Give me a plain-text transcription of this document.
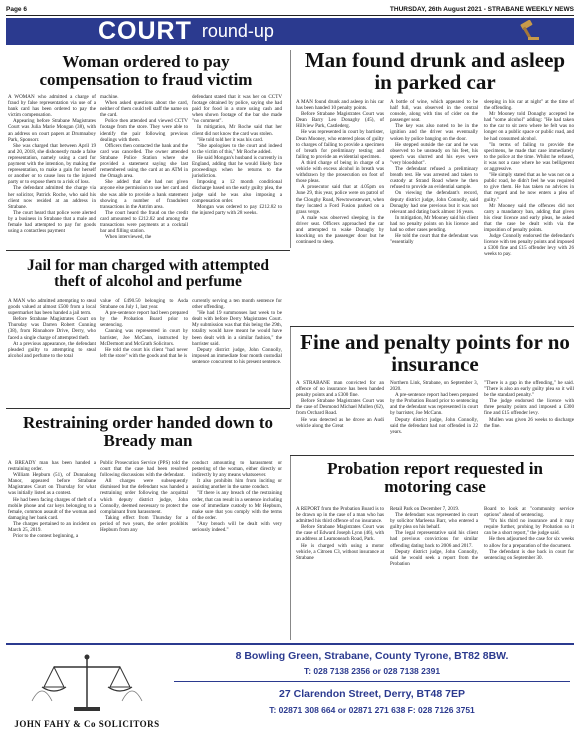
Page 6	THURSDAY, 26th August 2021 - STRABANE WEEKLY NEWS
COURT round-up
Woman ordered to pay compensation to fraud victim

A WOMAN who admitted a charge of fraud by false representation via use of a bank card has been ordered to pay the victim compensation.

Appearing before Strabane Magistrates Court was Julia Marie Mongan (38), with an address on court papers at Drumnaboy Park, Sponsorr.

She was charged that between April 19 and 20, 2018, she dishonestly made a false representation, namely using a card for payment with the intention, by making the representation, to make a gain for herself or another or to cause loss to the injured party or to expose them to a risk of loss.

The defendant admitted the charge via her solicitor, Patrick Roche, who said his client now resided at an address in Strabane.

The court heard that police were alerted by a business in Strabane that a male and female had attempted to pay for goods using a contactless payment

machine.

When asked questions about the card, neither of them could tell staff the name on the card.

Police then attended and viewed CCTV footage from the store. They were able to identify the pair following previous dealings with them.

Officers then contacted the bank and the card was cancelled. The owner attended Strabane Police Station where she provided a statement saying she last remembered using the card at an ATM in the Omagh area.

She added that she had not given anyone else permission to use her card and she was able to provide a bank statement showing a number of fraudulent transactions in the Antrim area.

The court heard the fraud on the credit card amounted to £212.82 and among the transactions were payments at a cocktail bar and filling station.

When interviewed, the

defendant stated that it was her on CCTV footage obtained by police, saying she had paid for food in a store using cash and when shown footage of the bar she made "no comment".

In mitigation, Mr Roche said that her client did not know the card was stolen.

"He told told her it was his card.

"She apologises to the court and indeed to the victim of this," Mr Roche added.

He said Mongan's husband is currently in England, adding that he would likely face proceedings when he returns to the jurisdiction.

Imposing a 12 month conditional discharge based on the early guilty plea, the judge said he was also imposing a compensation order.

Mongan was ordered to pay £212.82 to the injured party with 28 weeks.

Man found drunk and asleep in parked car

A MAN found drunk and asleep in his car has been handed 10 penalty points.

Before Strabane Magistrates Court was Dean Barry Leo Donaghy (45), of Hillview Park, Castlederg.

He was represented in court by barrister, Dean Mooney, who entered pleas of guilty to charges of failing to provide a specimen of breath for preliminary testing and failing to provide an evidential specimen.

A third charge of being in charge of a vehicle with excess alcohol in breath was withdrawn by the prosecution on foot of those pleas.

A prosecutor said that at 4.05pm on June 29, this year, police were on patrol of the Cloughy Road, Newtownstewart, when they located a Ford Fusion parked on a grass verge.

A male was observed sleeping in the driver seat. Officers approached the car and attempted to wake Donaghy by knocking on the passenger door but he continued to sleep.

A bottle of wine, which appeared to be half full, was observed in the central console, along with tins of cider on the passenger seat.

The key was also noted to be in the ignition and the driver was eventually woken by police banging on the door.

He stepped outside the car and he was observed to be unsteady on his feet, his speech was slurred and his eyes were "very bloodshot".

The defendant refused a preliminary breath test. He was arrested and taken to custody at Strand Road where he then refused to provide an evidential sample.

On viewing the defendant's record, deputy district judge, John Connolly, said Donaghy had one previous but it was not relevant and dating back almost 16 years.

In mitigation, Mr Mooney said his client had no penalty points on his licence and had no other cases pending.

He told the court that the defendant was "essentially

sleeping in his car at night" at the time of the offending.

Mr Mooney told Donaghy accepted he had "some alcohol" adding: "He had taken to the car to sit zero where he felt was no longer on a public space or public road, and he had consumed alcohol.

"In terms of failing to provide the specimens, he made that case immediately to the police at the time. Whilst he refused, it was not a case where he was belligerent or aggressive.

"He simply stated that as he was not on a public road, he didn't feel he was required to give them. He has taken no advices in that regard and he now enters a plea of guilty."

Mr Mooney said the offences did not carry a mandatory ban, adding that given his clear licence and early pleas, he asked that the case be dealt with via the imposition of penalty points.

Judge Connolly endorsed the defendant's licence with ten penalty points and imposed a £300 fine and £15 offender levy with 26 weeks to pay.

Jail for man charged with attempted theft of alcohol and perfume

A MAN who admitted attempting to steal goods valued at almost £500 from a local supermarket has been handed a jail term.

Before Strabane Magistrates Court on Thursday was Darren Robert Cunning (38), from Rinnahore Drive, Derry, who faced a single charge of attempted theft.

At a previous appearance, the defendant pleaded guilty to attempting to steal alcohol and perfume to the total

value of £490.50 belonging to Asda Strabane on July 1, last year.

A pre-sentence report had been prepared by the Probation Board prior to sentencing.

Canning was represented in court by barrister, Joe McCann, instructed by McDermott and McGrath Solicitors.

He told the court his client "had never left the store" with the goods and that he is

currently serving a ten month sentence for other offending.

"He had 19 summonses last week to be dealt with before Derry Magistrates Court. My submission was that this being the 29th, totality would have meant he would have been dealt with in a similar fashion," the barrister said.

Deputy district judge, John Connolly, imposed an immediate four month custodial sentence concurrent to his present sentence.

Fine and penalty points for no insurance

A STRABANE man convicted for an offence of no insurance has been handed penalty points and a £300 fine.

Before Strabane Magistrates Court was the case of Desmond Michael Mullen (62), from Orchard Road.

He was detected as he drove an Audi vehicle along the Great

Northern Link, Strabane, on September 3, 2020.

A pre-sentence report had been prepared by the Probation Board prior to sentencing and the defendant was represented in court by barrister, Joe McCann.

Deputy district judge, John Connolly, said the defendant had not offended in 22 years.

"There is a gap in the offending," he said. "There is also an early guilty plea so it will be the standard penalty."

The judge endorsed the licence with three penalty points and imposed a £300 fine and £15 offender levy.

Mullen was given 26 weeks to discharge the fine.

Restraining order handed down to Bready man

A BREADY man has been handed a restraining order.

William Hepburn (51), of Dunnalong Manor, appeared before Strabane Magistrates Court on Thursday for what was initially listed as a contest.

He had been facing charges of theft of a mobile phone and car keys belonging to a female, common assault of the woman and damaging her bank card.

The charges pertained to an incident on March 25, 2019.

Prior to the contest beginning, a

Public Prosecution Service (PPS) told the court that the case had been resolved following discussions with the defendant.

All charges were subsequently dismissed but the defendant was handed a restraining order following the acquittal which deputy district judge, John Connolly, deemed necessary to protect the complainant from harassment.

Taking effect from Thursday for a period of two years, the order prohibits Hepburn from any

conduct amounting to harassment or pestering of the woman, either directly or indirectly by any means whatsoever.

It also prohibits him from inciting or assisting another in the same conduct.

"If there is any breach of the restraining order, that can result in a sentence including one of immediate custody to Mr Hepburn, make sure that you comply with the terms of the order.

"Any breach will be dealt with very seriously indeed."

Probation report requested in motoring case

A REPORT from the Probation Board is to be drawn up in the case of a man who has admitted his third offence of no insurance.

Before Strabane Magistrates Court was the case of Edward Joseph Lynn (46), with an address at Leamoneach Road, Park.

He is charged with using a motor vehicle, a Citroen C3, without insurance at Strabane

Retail Park on December 7, 2019.

The defendant was represented in court by solicitor Marleena Barr, who entered a guilty plea on his behalf.

The legal representative said his client had previous convictions for similar offending dating back to 2006 and 2017.

Deputy district judge, John Connolly, said he would seek a report from the Probation

Board to look at "community service options" ahead of sentencing.

"It's his third no insurance and it may require further, probing by Probation so it can be a short report," the judge said.

He then adjourned the case for six weeks to allow for a preparation of the document.

The defendant is due back in court for sentencing on September 30.

JOHN FAHY & Co SOLICITORS
8 Bowling Green, Strabane, County Tyrone, BT82 8BW.
T: 028 7138 2356 or 028 7138 2391
27 Clarendon Street, Derry, BT48 7EP
T: 02871 308 664 or 02871 271 638 F: 028 7126 3751
